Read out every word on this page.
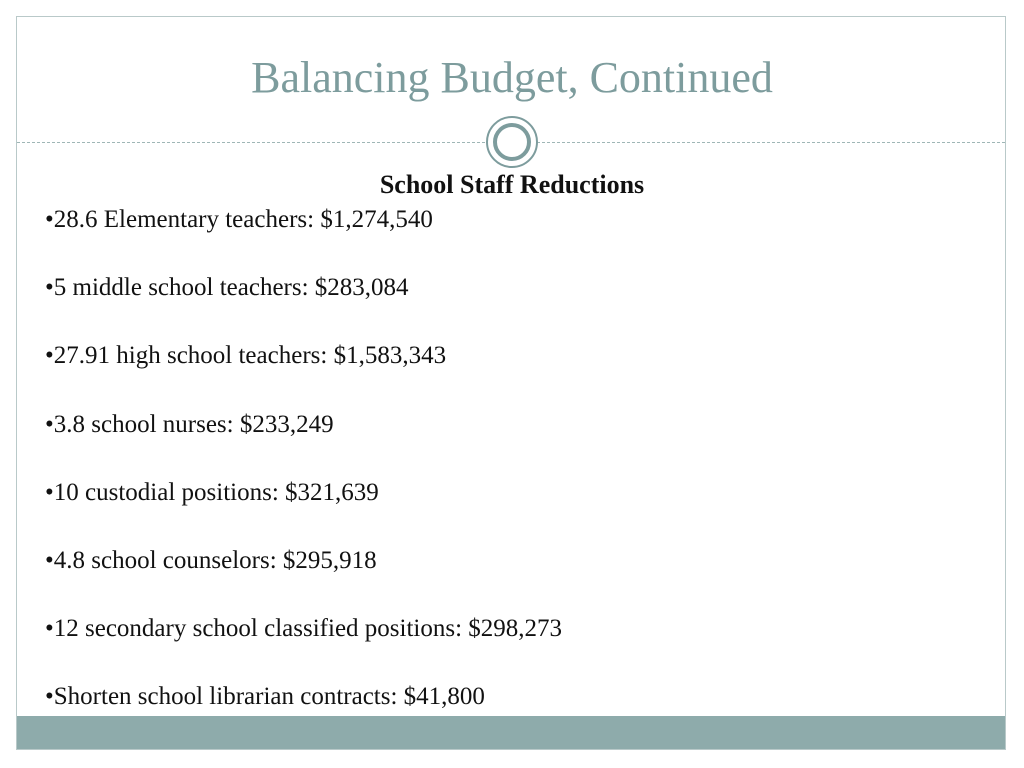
Balancing Budget, Continued
School Staff Reductions
•28.6 Elementary teachers: $1,274,540
•5 middle school teachers: $283,084
•27.91 high school teachers: $1,583,343
•3.8 school nurses: $233,249
•10 custodial positions: $321,639
•4.8 school counselors: $295,918
•12 secondary school classified positions: $298,273
•Shorten school librarian contracts: $41,800
